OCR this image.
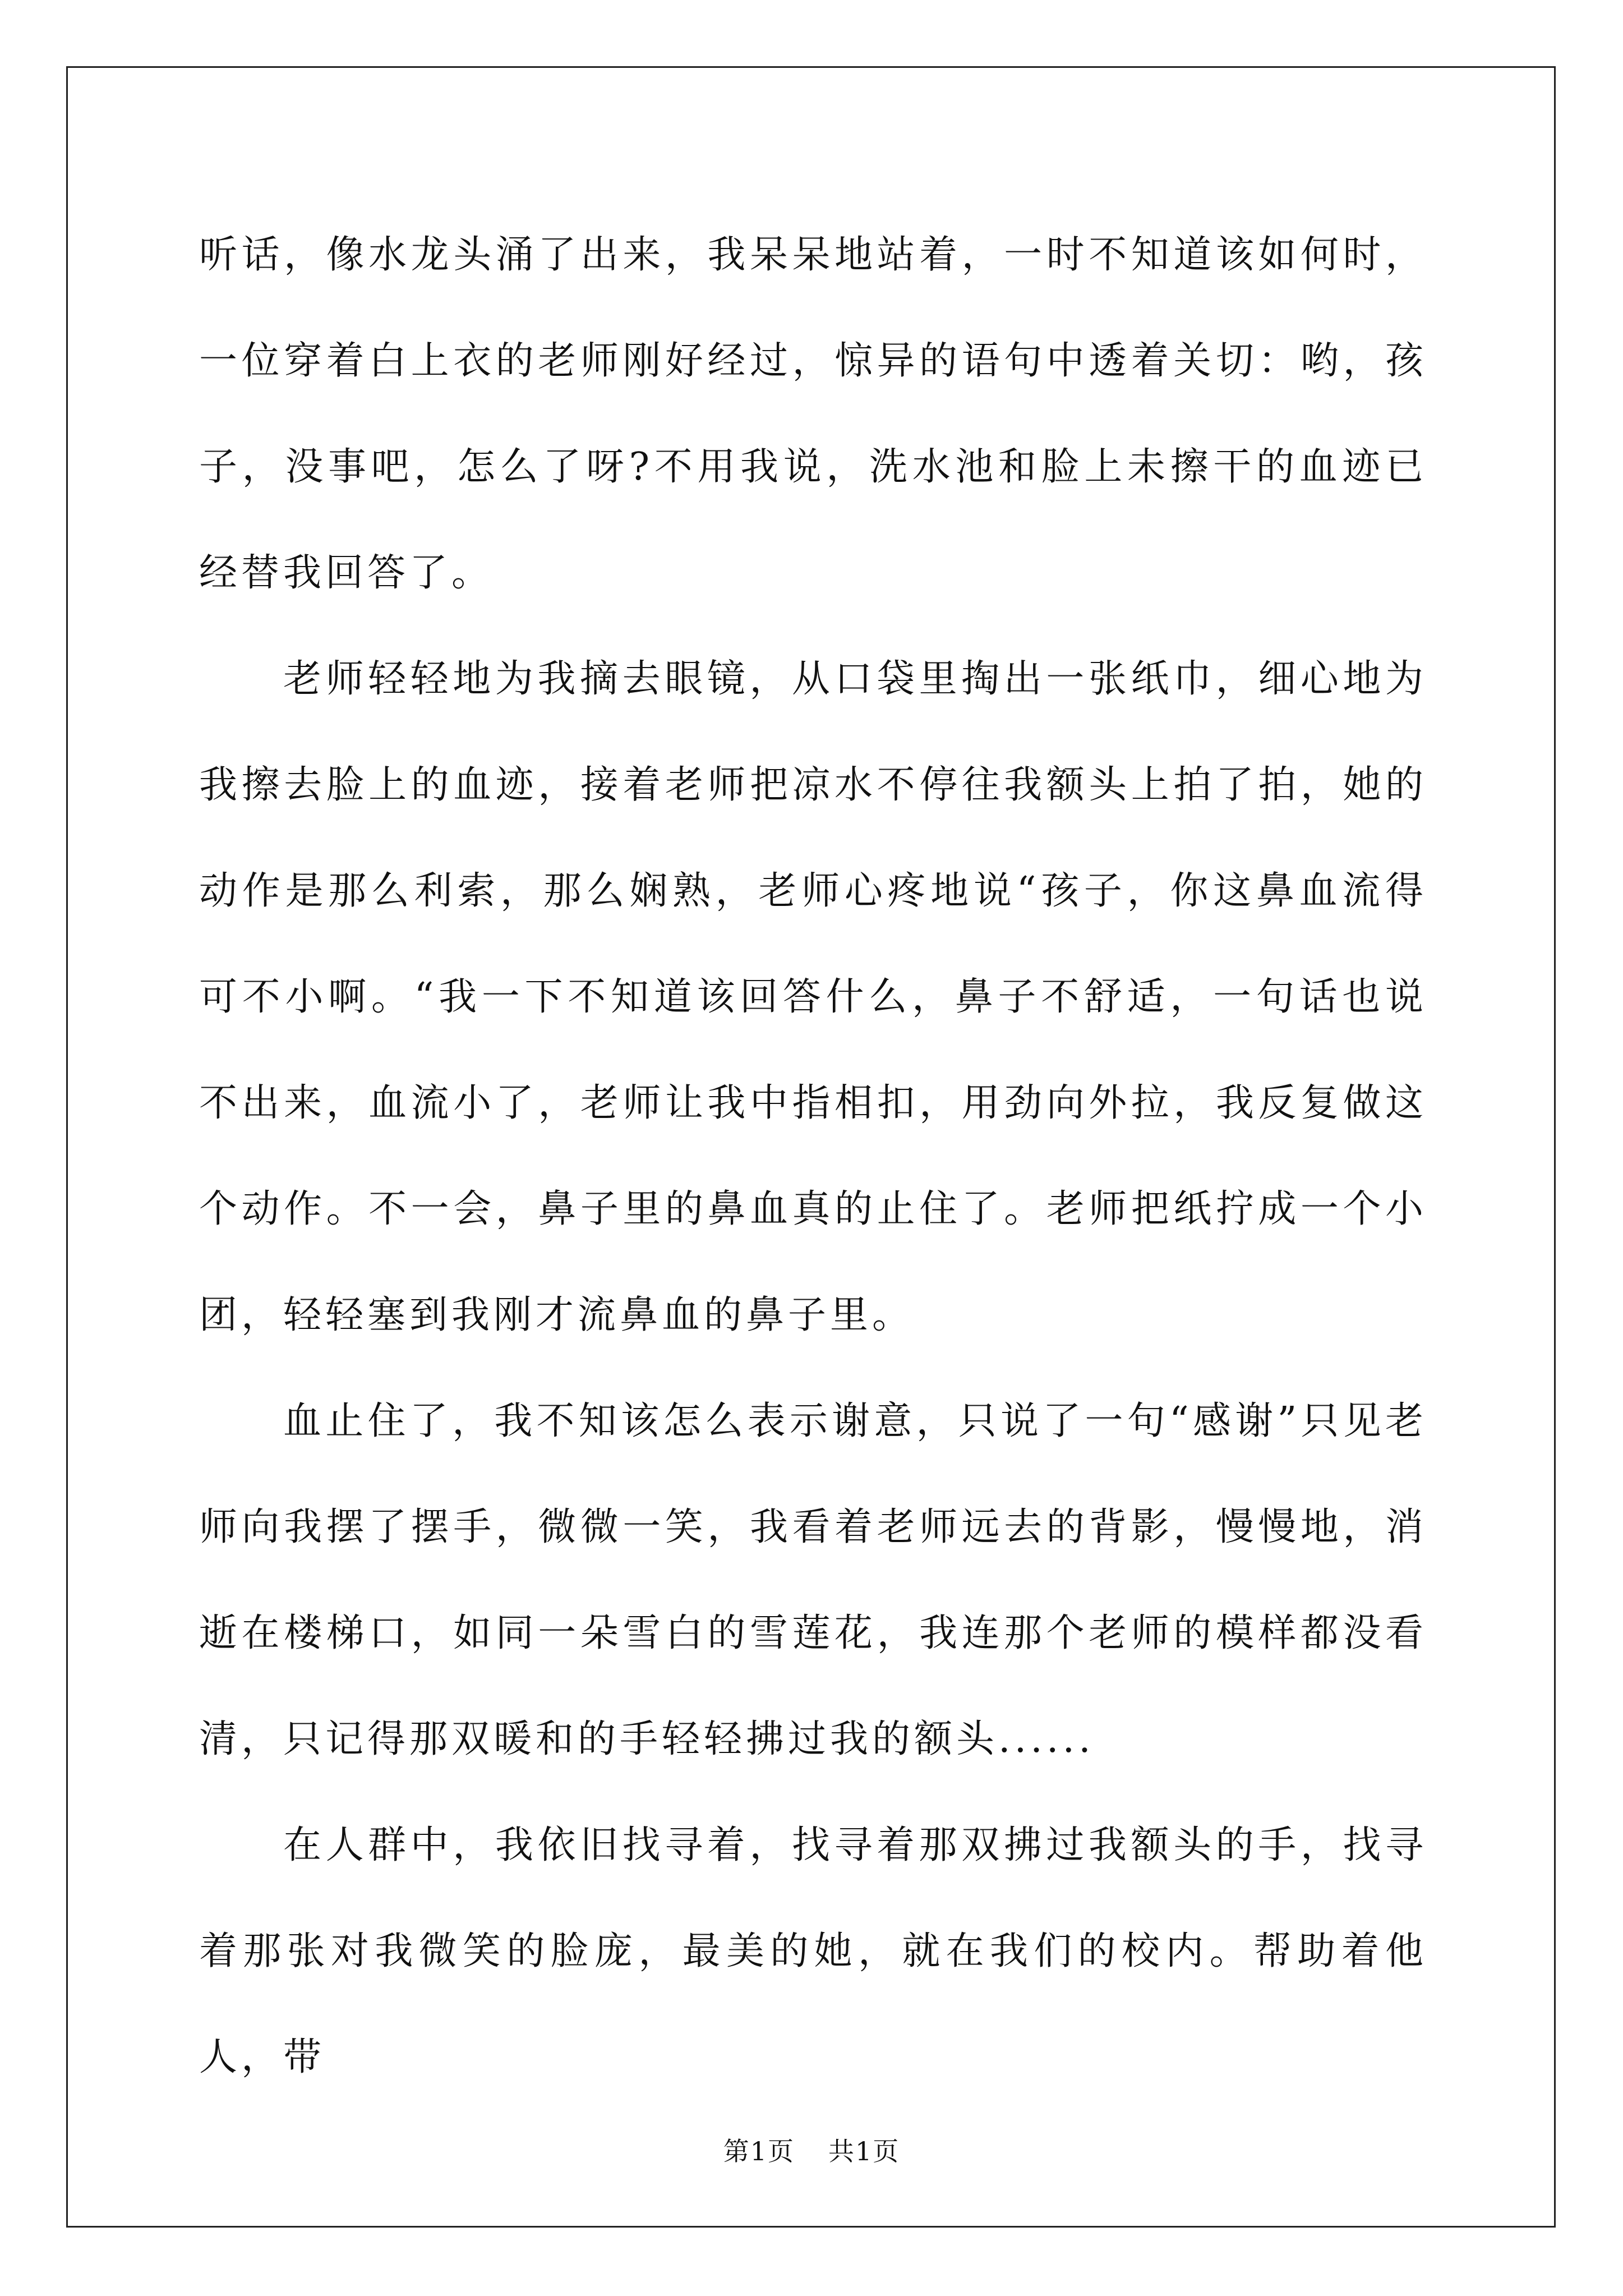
听话，像水龙头涌了出来，我呆呆地站着，一时不知道该如何时，一位穿着白上衣的老师刚好经过，惊异的语句中透着关切：哟，孩子，没事吧，怎么了呀?不用我说，洗水池和脸上未擦干的血迹已经替我回答了。

老师轻轻地为我摘去眼镜，从口袋里掏出一张纸巾，细心地为我擦去脸上的血迹，接着老师把凉水不停往我额头上拍了拍，她的动作是那么利索，那么娴熟，老师心疼地说“孩子，你这鼻血流得可不小啊。“我一下不知道该回答什么，鼻子不舒适，一句话也说不出来，血流小了，老师让我中指相扣，用劲向外拉，我反复做这个动作。不一会，鼻子里的鼻血真的止住了。老师把纸拧成一个小团，轻轻塞到我刚才流鼻血的鼻子里。

血止住了，我不知该怎么表示谢意，只说了一句“感谢”只见老师向我摆了摆手，微微一笑，我看着老师远去的背影，慢慢地，消逝在楼梯口，如同一朵雪白的雪莲花，我连那个老师的模样都没看清，只记得那双暖和的手轻轻拂过我的额头......

在人群中，我依旧找寻着，找寻着那双拂过我额头的手，找寻着那张对我微笑的脸庞，最美的她，就在我们的校内。帮助着他人，带

第1页 共1页
